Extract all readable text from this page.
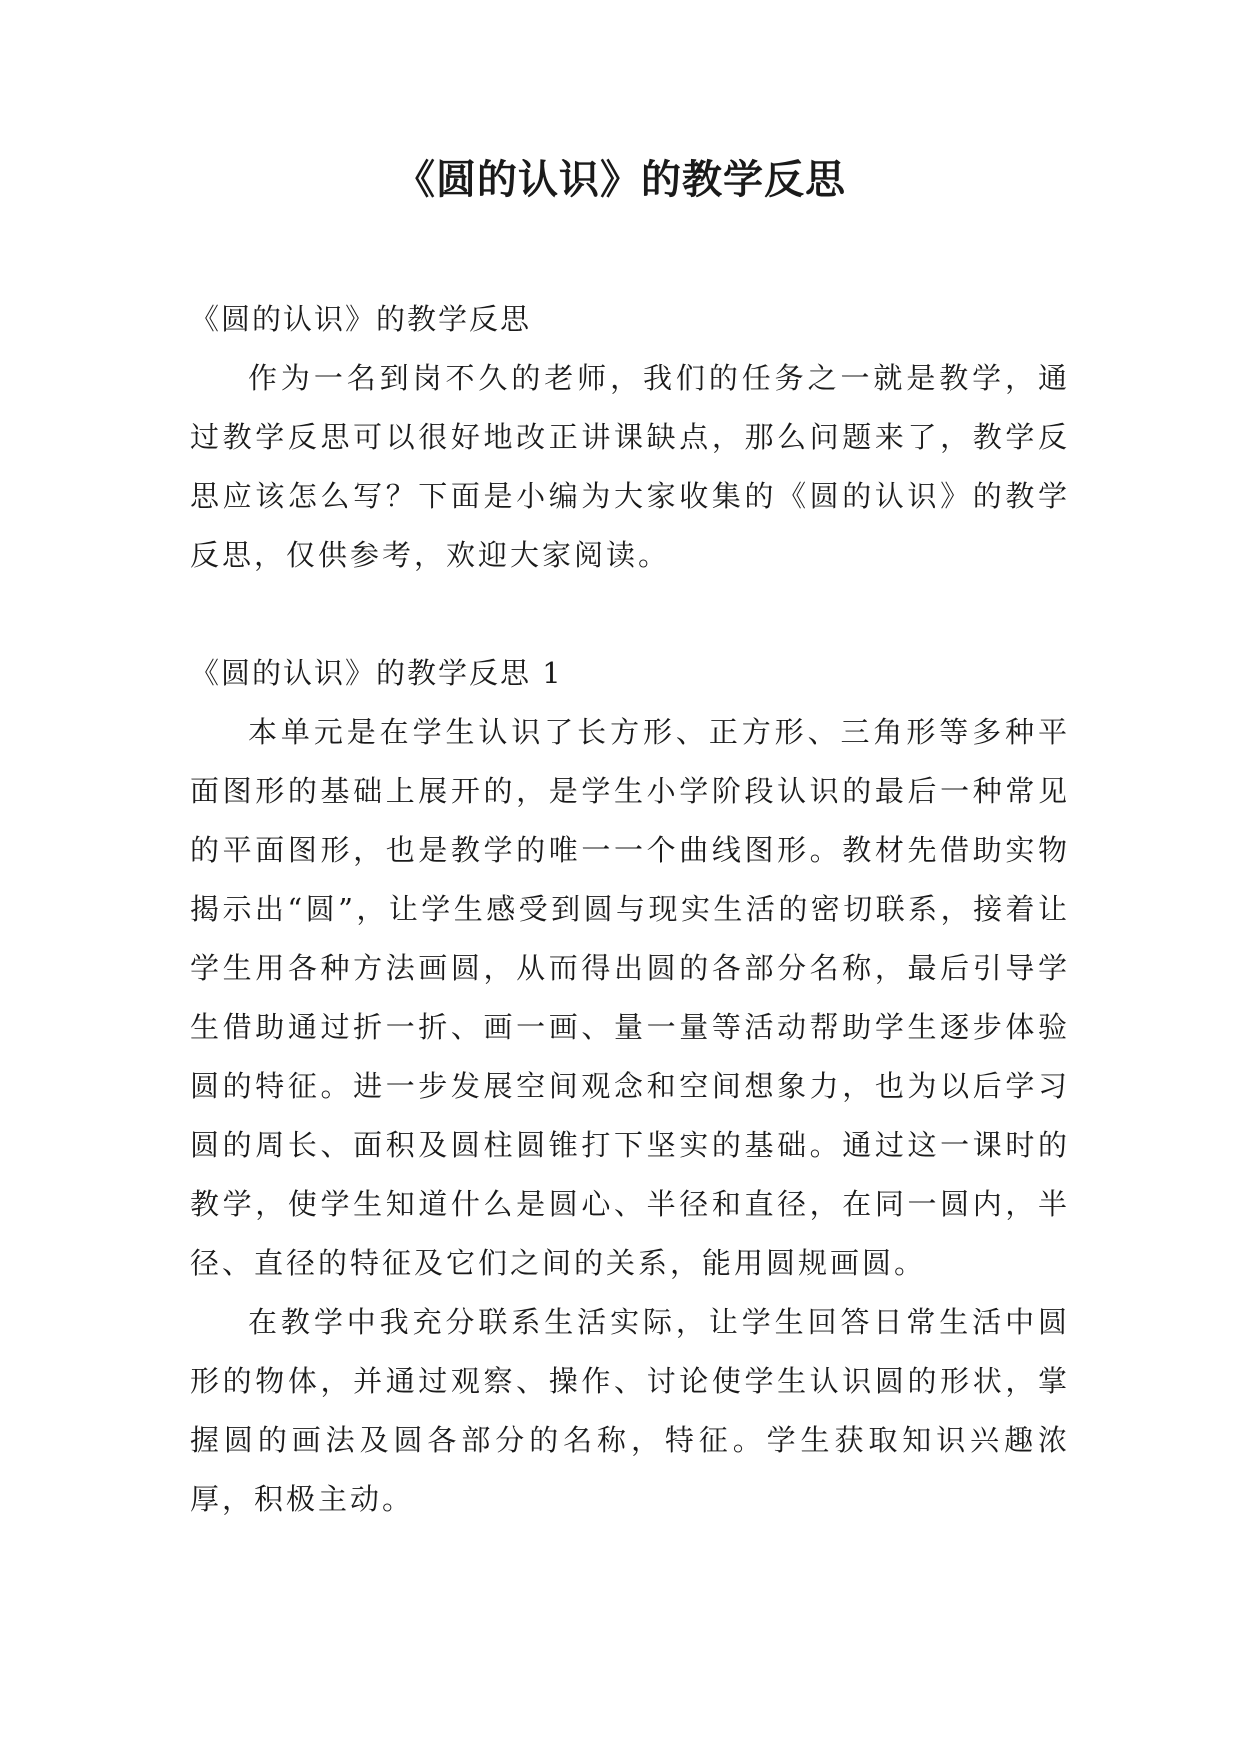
《圆的认识》的教学反思

《圆的认识》的教学反思

作为一名到岗不久的老师，我们的任务之一就是教学，通过教学反思可以很好地改正讲课缺点，那么问题来了，教学反思应该怎么写？下面是小编为大家收集的《圆的认识》的教学反思，仅供参考，欢迎大家阅读。

《圆的认识》的教学反思 1

本单元是在学生认识了长方形、正方形、三角形等多种平面图形的基础上展开的，是学生小学阶段认识的最后一种常见的平面图形，也是教学的唯一一个曲线图形。教材先借助实物揭示出“圆”，让学生感受到圆与现实生活的密切联系，接着让学生用各种方法画圆，从而得出圆的各部分名称，最后引导学生借助通过折一折、画一画、量一量等活动帮助学生逐步体验圆的特征。进一步发展空间观念和空间想象力，也为以后学习圆的周长、面积及圆柱圆锥打下坚实的基础。通过这一课时的教学，使学生知道什么是圆心、半径和直径，在同一圆内，半径、直径的特征及它们之间的关系，能用圆规画圆。

在教学中我充分联系生活实际，让学生回答日常生活中圆形的物体，并通过观察、操作、讨论使学生认识圆的形状，掌握圆的画法及圆各部分的名称，特征。学生获取知识兴趣浓厚，积极主动。
